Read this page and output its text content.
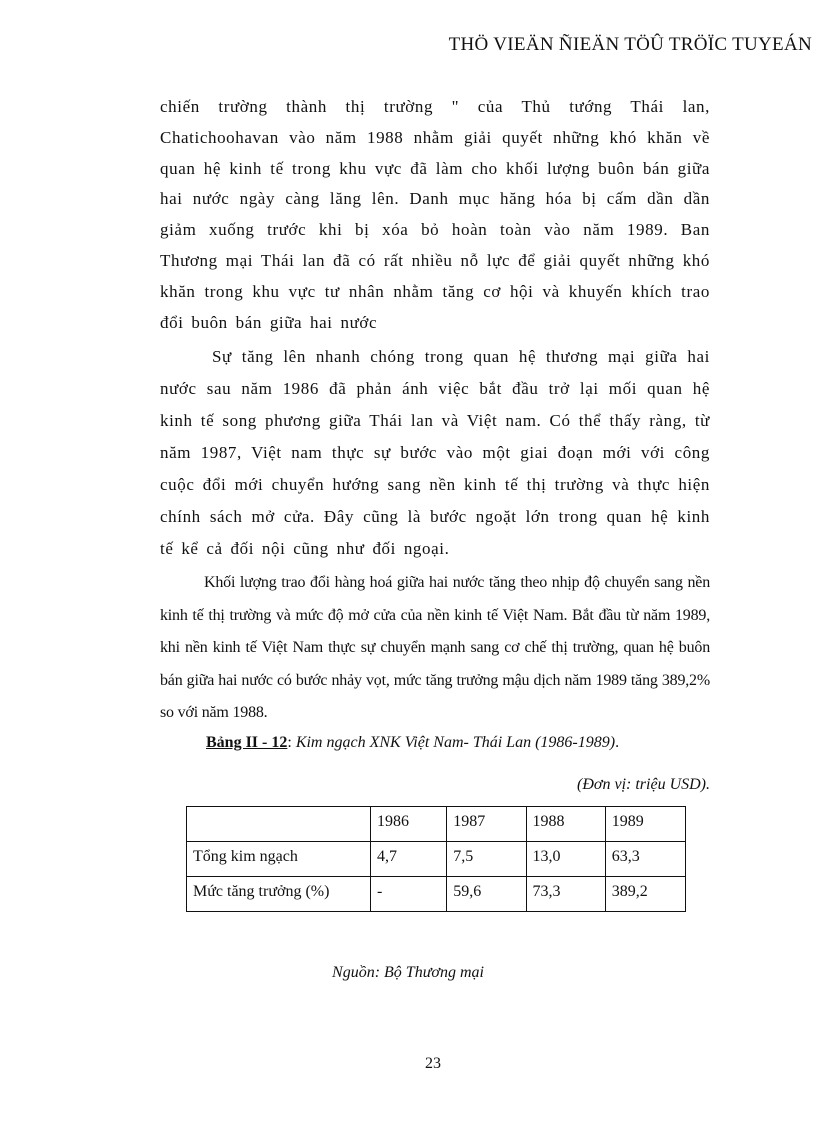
THÖ VIEÄN ÑIEÄN TÖÛ TRÖÏC TUYEÁN

chiến trường thành thị trường " của Thủ tướng Thái lan, Chatichoohavan vào năm 1988 nhằm giải quyết những khó khăn về quan hệ kinh tế trong khu vực đã làm cho khối lượng buôn bán giữa hai nước ngày càng lăng lên. Danh mục hăng hóa bị cấm dần dần giảm xuống trước khi bị xóa bỏ hoàn toàn vào năm 1989. Ban Thương mại Thái lan đã có rất nhiều nỗ lực để giải quyết những khó khăn trong khu vực tư nhân nhằm tăng cơ hội và khuyến khích trao đổi buôn bán giữa hai nước

Sự tăng lên nhanh chóng trong quan hệ thương mại giữa hai nước sau năm 1986 đã phản ánh việc bắt đầu trở lại mối quan hệ kinh tế song phương giữa Thái lan và Việt nam. Có thể thấy ràng, từ năm 1987, Việt nam thực sự bước vào một giai đoạn mới với công cuộc đổi mới chuyển hướng sang nền kinh tế thị trường và thực hiện chính sách mở cửa. Đây cũng là bước ngoặt lớn trong quan hệ kinh tế kể cả đối nội cũng như đối ngoại.

Khối lượng trao đổi hàng hoá giữa hai nước tăng theo nhịp độ chuyển sang nền kinh tế thị trường và mức độ mở cửa của nền kinh tế Việt Nam. Bắt đầu từ năm 1989, khi nền kinh tế Việt Nam thực sự chuyển mạnh sang cơ chế thị trường, quan hệ buôn bán giữa hai nước có bước nhảy vọt, mức tăng trưởng mậu dịch năm 1989 tăng 389,2% so với năm 1988.

Bảng II - 12: Kim ngạch XNK Việt Nam- Thái Lan (1986-1989).
(Đơn vị: triệu USD).
	1986	1987	1988	1989
Tổng kim ngạch	4,7	7,5	13,0	63,3
Mức tăng trưởng (%)	-	59,6	73,3	389,2
Nguồn: Bộ Thương mại
23
